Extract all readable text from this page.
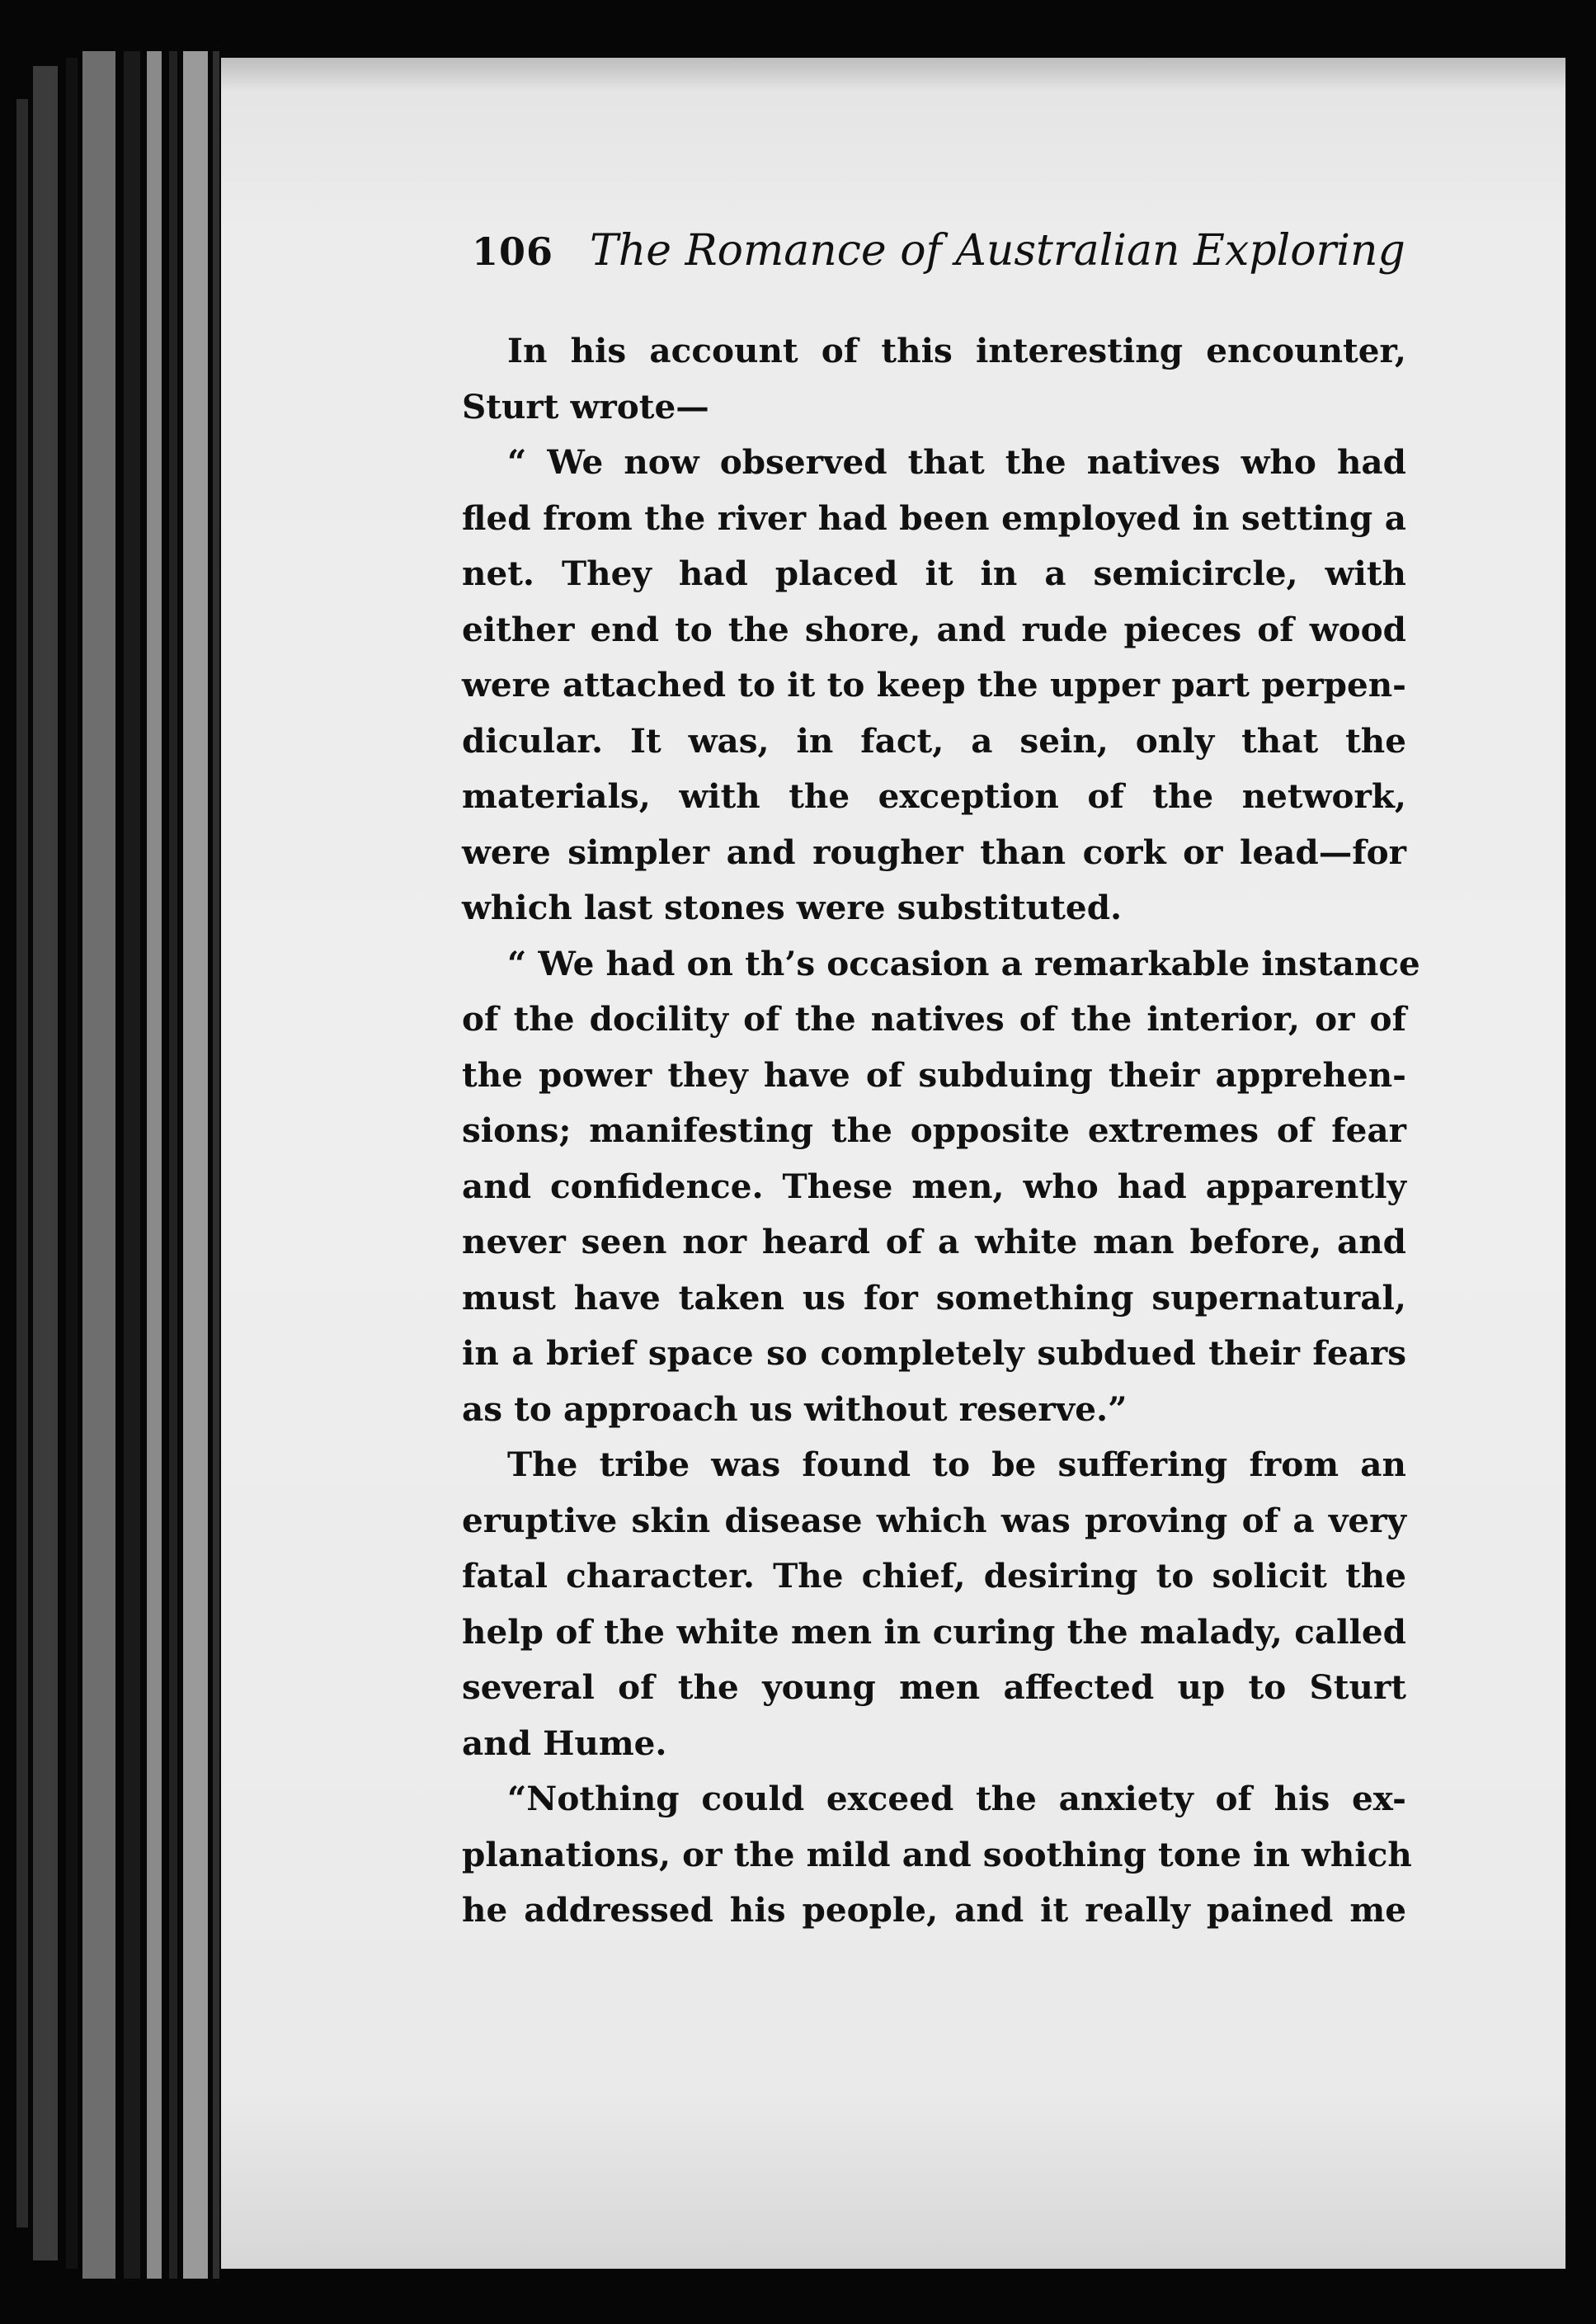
106 The Romance of Australian Exploring
In his account of this interesting encounter,
Sturt wrote—
“ We now observed that the natives who had
fled from the river had been employed in setting a
net. They had placed it in a semicircle, with
either end to the shore, and rude pieces of wood
were attached to it to keep the upper part perpen-
dicular. It was, in fact, a sein, only that the
materials, with the exception of the network,
were simpler and rougher than cork or lead—for
which last stones were substituted.
“ We had on th’s occasion a remarkable instance
of the docility of the natives of the interior, or of
the power they have of subduing their apprehen-
sions; manifesting the opposite extremes of fear
and confidence. These men, who had apparently
never seen nor heard of a white man before, and
must have taken us for something supernatural,
in a brief space so completely subdued their fears
as to approach us without reserve.”
The tribe was found to be suffering from an
eruptive skin disease which was proving of a very
fatal character. The chief, desiring to solicit the
help of the white men in curing the malady, called
several of the young men affected up to Sturt
and Hume.
“Nothing could exceed the anxiety of his ex-
planations, or the mild and soothing tone in which
he addressed his people, and it really pained me
